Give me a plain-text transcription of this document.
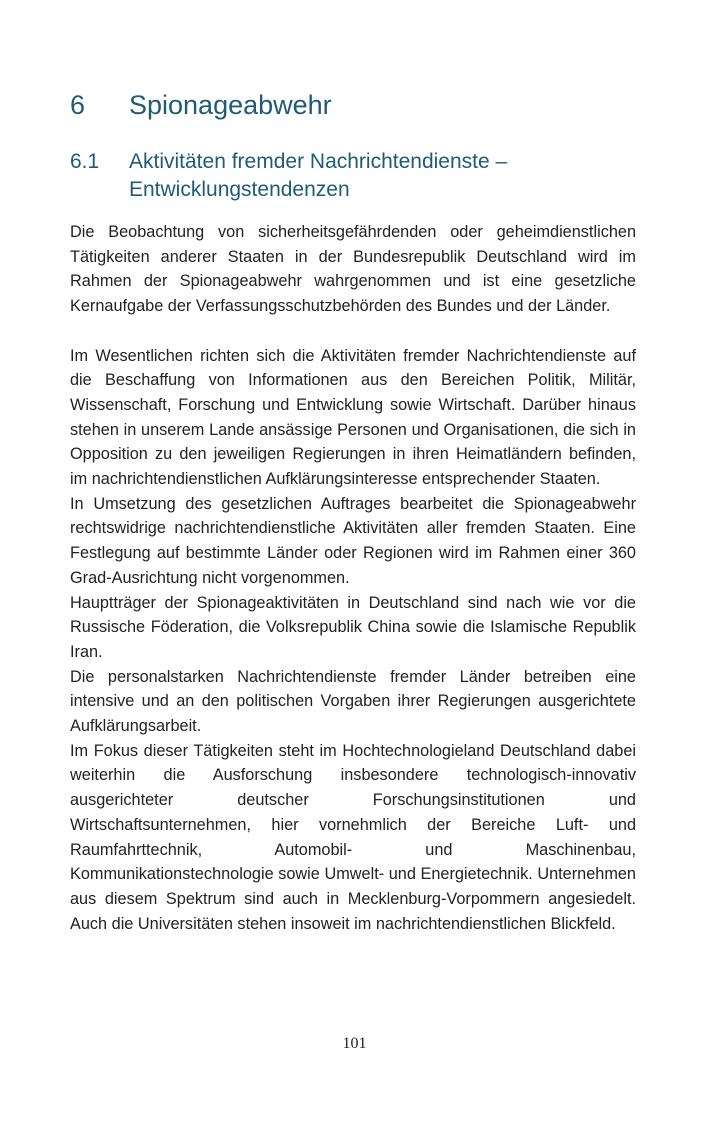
6 Spionageabwehr
6.1 Aktivitäten fremder Nachrichtendienste –
Entwicklungstendenzen

Die Beobachtung von sicherheitsgefährdenden oder geheimdienstlichen Tätigkeiten anderer Staaten in der Bundesrepublik Deutschland wird im Rahmen der Spionageabwehr wahrgenommen und ist eine gesetzliche Kernaufgabe der Verfassungsschutzbehörden des Bundes und der Länder.

Im Wesentlichen richten sich die Aktivitäten fremder Nachrichtendienste auf die Beschaffung von Informationen aus den Bereichen Politik, Militär, Wissenschaft, Forschung und Entwicklung sowie Wirtschaft. Darüber hinaus stehen in unserem Lande ansässige Personen und Organisationen, die sich in Opposition zu den jeweiligen Regierungen in ihren Heimatländern befinden, im nachrichtendienstlichen Aufklärungsinteresse entsprechender Staaten.

In Umsetzung des gesetzlichen Auftrages bearbeitet die Spionageabwehr rechtswidrige nachrichtendienstliche Aktivitäten aller fremden Staaten. Eine Festlegung auf bestimmte Länder oder Regionen wird im Rahmen einer 360 Grad-Ausrichtung nicht vorgenommen.

Hauptträger der Spionageaktivitäten in Deutschland sind nach wie vor die Russische Föderation, die Volksrepublik China sowie die Islamische Republik Iran.

Die personalstarken Nachrichtendienste fremder Länder betreiben eine intensive und an den politischen Vorgaben ihrer Regierungen ausgerichtete Aufklärungsarbeit.

Im Fokus dieser Tätigkeiten steht im Hochtechnologieland Deutschland dabei weiterhin die Ausforschung insbesondere technologisch-innovativ ausgerichteter deutscher Forschungsinstitutionen und Wirtschaftsunternehmen, hier vornehmlich der Bereiche Luft- und Raumfahrttechnik, Automobil- und Maschinenbau, Kommunikationstechnologie sowie Umwelt- und Energietechnik. Unternehmen aus diesem Spektrum sind auch in Mecklenburg-Vorpommern angesiedelt. Auch die Universitäten stehen insoweit im nachrichtendienstlichen Blickfeld.

101
